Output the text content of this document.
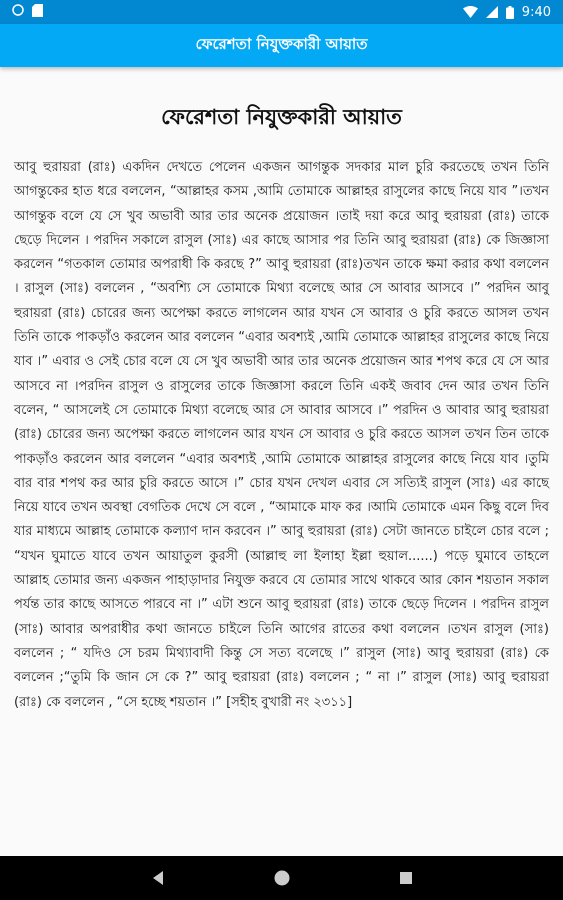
9:40
ফেরেশতা নিযুক্তকারী আয়াত
ফেরেশতা নিযুক্তকারী আয়াত

আবু হুরায়রা (রাঃ) একদিন দেখতে পেলেন একজন আগন্তুক সদকার মাল চুরি করতেছে তখন তিনি আগন্তুকের হাত ধরে বললেন, “আল্লাহর কসম ,আমি তোমাকে আল্লাহর রাসুলের কাছে নিয়ে যাব ”।তখন আগন্তুক বলে যে সে খুব অভাবী আর তার অনেক প্রয়োজন ।তাই দয়া করে আবু হুরায়রা (রাঃ) তাকে ছেড়ে দিলেন । পরদিন সকালে রাসুল (সাঃ) এর কাছে আসার পর তিনি আবু হুরায়রা (রাঃ) কে জিজ্ঞাসা করলেন “গতকাল তোমার অপরাধী কি করছে ?” আবু হুরায়রা (রাঃ)তখন তাকে ক্ষমা করার কথা বললেন । রাসুল (সাঃ) বললেন , “অবশ্যি সে তোমাকে মিথ্যা বলেছে আর সে আবার আসবে ।” পরদিন আবু হুরায়রা (রাঃ) চোরের জন্য অপেক্ষা করতে লাগলেন আর যখন সে আবার ও চুরি করতে আসল তখন তিনি তাকে পাকড়াঁও করলেন আর বললেন “এবার অবশ্যই ,আমি তোমাকে আল্লাহর রাসুলের কাছে নিয়ে যাব ।” এবার ও সেই চোর বলে যে সে খুব অভাবী আর তার অনেক প্রয়োজন আর শপথ করে যে সে আর আসবে না ।পরদিন রাসুল ও রাসুলের তাকে জিজ্ঞাসা করলে তিনি একই জবাব দেন আর তখন তিনি বলেন, “ আসলেই সে তোমাকে মিথ্যা বলেছে আর সে আবার আসবে ।” পরদিন ও আবার আবু হুরায়রা (রাঃ) চোরের জন্য অপেক্ষা করতে লাগলেন আর যখন সে আবার ও চুরি করতে আসল তখন তিন তাকে পাকড়াঁও করলেন আর বললেন “এবার অবশ্যই ,আমি তোমাকে আল্লাহর রাসুলের কাছে নিয়ে যাব ।তুমি বার বার শপথ কর আর চুরি করতে আসে ।” চোর যখন দেখল এবার সে সত্যিই রাসুল (সাঃ) এর কাছে নিয়ে যাবে তখন অবস্থা বেগতিক দেখে সে বলে , “আমাকে মাফ কর ।আমি তোমাকে এমন কিছু বলে দিব যার মাধ্যমে আল্লাহ তোমাকে কল্যাণ দান করবেন ।” আবু হুরায়রা (রাঃ) সেটা জানতে চাইলে চোর বলে ; “যখন ঘুমাতে যাবে তখন আয়াতুল কুরসী (আল্লাহু লা ইলাহা ইল্লা হুয়াল......) পড়ে ঘুমাবে তাহলে আল্লাহ তোমার জন্য একজন পাহাড়াদার নিযুক্ত করবে যে তোমার সাথে থাকবে আর কোন শয়তান সকাল পর্যন্ত তার কাছে আসতে পারবে না ।” এটা শুনে আবু হুরায়রা (রাঃ) তাকে ছেড়ে দিলেন । পরদিন রাসুল (সাঃ) আবার অপরাধীর কথা জানতে চাইলে তিনি আগের রাতের কথা বললেন ।তখন রাসুল (সাঃ) বললেন ; “ যদিও সে চরম মিথ্যাবাদী কিন্তু সে সত্য বলেছে ।” রাসুল (সাঃ) আবু হুরায়রা (রাঃ) কে বললেন ;“তুমি কি জান সে কে ?” আবু হুরায়রা (রাঃ) বললেন ; “ না ।” রাসুল (সাঃ) আবু হুরায়রা (রাঃ) কে বললেন , “সে হচ্ছে শয়তান ।” [সহীহ বুখারী নং ২৩১১]
